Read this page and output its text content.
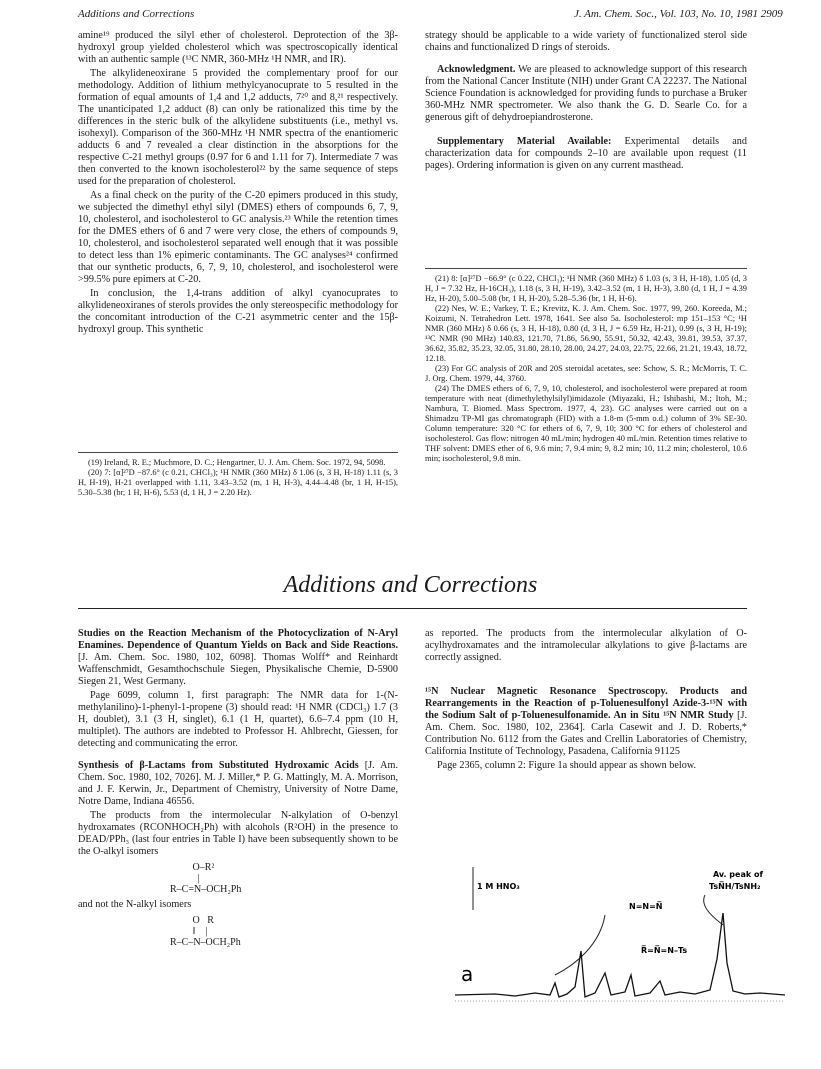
Additions and Corrections	J. Am. Chem. Soc., Vol. 103, No. 10, 1981 2909

amine¹⁹ produced the silyl ether of cholesterol. Deprotection of the 3β-hydroxyl group yielded cholesterol which was spectroscopically identical with an authentic sample (¹³C NMR, 360-MHz ¹H NMR, and IR).

The alkylideneoxirane 5 provided the complementary proof for our methodology. Addition of lithium methylcyanocuprate to 5 resulted in the formation of equal amounts of 1,4 and 1,2 adducts, 7²⁰ and 8,²¹ respectively. The unanticipated 1,2 adduct (8) can only be rationalized this time by the differences in the steric bulk of the alkylidene substituents (i.e., methyl vs. isohexyl). Comparison of the 360-MHz ¹H NMR spectra of the enantiomeric adducts 6 and 7 revealed a clear distinction in the absorptions for the respective C-21 methyl groups (0.97 for 6 and 1.11 for 7). Intermediate 7 was then converted to the known isocholesterol²² by the same sequence of steps used for the preparation of cholesterol.

As a final check on the purity of the C-20 epimers produced in this study, we subjected the dimethyl ethyl silyl (DMES) ethers of compounds 6, 7, 9, 10, cholesterol, and isocholesterol to GC analysis.²³ While the retention times for the DMES ethers of 6 and 7 were very close, the ethers of compounds 9, 10, cholesterol, and isocholesterol separated well enough that it was possible to detect less than 1% epimeric contaminants. The GC analyses²⁴ confirmed that our synthetic products, 6, 7, 9, 10, cholesterol, and isocholesterol were >99.5% pure epimers at C-20.

In conclusion, the 1,4-trans addition of alkyl cyanocuprates to alkylideneoxiranes of sterols provides the only stereospecific methodology for the concomitant introduction of the C-21 asymmetric center and the 15β-hydroxyl group. This synthetic

(19) Ireland, R. E.; Muchmore, D. C.; Hengartner, U. J. Am. Chem. Soc. 1972, 94, 5098.

(20) 7: [α]²⁷D −87.6° (c 0.21, CHCl₃); ¹H NMR (360 MHz) δ 1.06 (s, 3 H, H-18) 1.11 (s, 3 H, H-19), H-21 overlapped with 1.11, 3.43–3.52 (m, 1 H, H-3), 4.44–4.48 (br, 1 H, H-15), 5.30–5.38 (br, 1 H, H-6), 5.53 (d, 1 H, J = 2.20 Hz).

strategy should be applicable to a wide variety of functionalized sterol side chains and functionalized D rings of steroids.

Acknowledgment. We are pleased to acknowledge support of this research from the National Cancer Institute (NIH) under Grant CA 22237. The National Science Foundation is acknowledged for providing funds to purchase a Bruker 360-MHz NMR spectrometer. We also thank the G. D. Searle Co. for a generous gift of dehydroepiandrosterone.

Supplementary Material Available: Experimental details and characterization data for compounds 2–10 are available upon request (11 pages). Ordering information is given on any current masthead.

(21) 8: [α]²⁷D −66.9° (c 0.22, CHCl₃); ¹H NMR (360 MHz) δ 1.03 (s, 3 H, H-18), 1.05 (d, 3 H, J = 7.32 Hz, H-16CH₃), 1.18 (s, 3 H, H-19), 3.42–3.52 (m, 1 H, H-3), 3.80 (d, 1 H, J = 4.39 Hz, H-20), 5.00–5.08 (br, 1 H, H-20), 5.28–5.36 (br, 1 H, H-6).

(22) Nes, W. E.; Varkey, T. E.; Krevitz, K. J. Am. Chem. Soc. 1977, 99, 260. Koreeda, M.; Koizumi, N. Tetrahedron Lett. 1978, 1641. See also 5a. Isocholesterol: mp 151–153 °C; ¹H NMR (360 MHz) δ 0.66 (s, 3 H, H-18), 0.80 (d, 3 H, J = 6.59 Hz, H-21), 0.99 (s, 3 H, H-19); ¹³C NMR (90 MHz) 140.83, 121.70, 71.86, 56.90, 55.91, 50.32, 42.43, 39.81, 39.53, 37.37, 36.62, 35.82, 35.23, 32.05, 31.80, 28.10, 28.00, 24.27, 24.03, 22.75, 22.66, 21.21, 19.43, 18.72, 12.18.

(23) For GC analysis of 20R and 20S steroidal acetates, see: Schow, S. R.; McMorris, T. C. J. Org. Chem. 1979, 44, 3760.

(24) The DMES ethers of 6, 7, 9, 10, cholesterol, and isocholesterol were prepared at room temperature with neat (dimethylethylsilyl)imidazole (Miyazaki, H.; Ishibashi, M.; Itoh, M.; Nambura, T. Biomed. Mass Spectrom. 1977, 4, 23). GC analyses were carried out on a Shimadzu TP-MI gas chromatograph (FID) with a 1.8-m (5-mm o.d.) column of 3% SE-30. Column temperature: 320 °C for ethers of 6, 7, 9, 10; 300 °C for ethers of cholesterol and isocholesterol. Gas flow: nitrogen 40 mL/min; hydrogen 40 mL/min. Retention times relative to THF solvent: DMES ether of 6, 9.6 min; 7, 9.4 min; 9, 8.2 min; 10, 11.2 min; cholesterol, 10.6 min; isocholesterol, 9.8 min.

Additions and Corrections

Studies on the Reaction Mechanism of the Photocyclization of N-Aryl Enamines. Dependence of Quantum Yields on Back and Side Reactions. [J. Am. Chem. Soc. 1980, 102, 6098]. Thomas Wolff* and Reinhardt Waffenschmidt, Gesamthochschule Siegen, Physikalische Chemie, D-5900 Siegen 21, West Germany.

Page 6099, column 1, first paragraph: The NMR data for 1-(N-methylanilino)-1-phenyl-1-propene (3) should read: ¹H NMR (CDCl₃) 1.7 (3 H, doublet), 3.1 (3 H, singlet), 6.1 (1 H, quartet), 6.6–7.4 ppm (10 H, multiplet). The authors are indebted to Professor H. Ahlbrecht, Giessen, for detecting and communicating the error.

Synthesis of β-Lactams from Substituted Hydroxamic Acids [J. Am. Chem. Soc. 1980, 102, 7026]. M. J. Miller,* P. G. Mattingly, M. A. Morrison, and J. F. Kerwin, Jr., Department of Chemistry, University of Notre Dame, Notre Dame, Indiana 46556.

The products from the intermolecular N-alkylation of O-benzyl hydroxamates (RCONHOCH₂Ph) with alcohols (R²OH) in the presence to DEAD/PPh₃ (last four entries in Table I) have been subsequently shown to be the O-alkyl isomers

O–R²
|
R–C=N–OCH₂Ph

and not the N-alkyl isomers

O   R
‖    |
R–C–N–OCH₂Ph

as reported. The products from the intermolecular alkylation of O-acylhydroxamates and the intramolecular alkylations to give β-lactams are correctly assigned.

¹⁵N Nuclear Magnetic Resonance Spectroscopy. Products and Rearrangements in the Reaction of p-Toluenesulfonyl Azide-3-¹⁵N with the Sodium Salt of p-Toluenesulfonamide. An in Situ ¹⁵N NMR Study [J. Am. Chem. Soc. 1980, 102, 2364]. Carla Casewit and J. D. Roberts,* Contribution No. 6112 from the Gates and Crellin Laboratories of Chemistry, California Institute of Technology, Pasadena, California 91125

Page 2365, column 2: Figure 1a should appear as shown below.

1 M HNO₃
Av. peak of
TsN̅H/TsNH₂
N=N=N̅
R̅=N̅=N–Ts
a
